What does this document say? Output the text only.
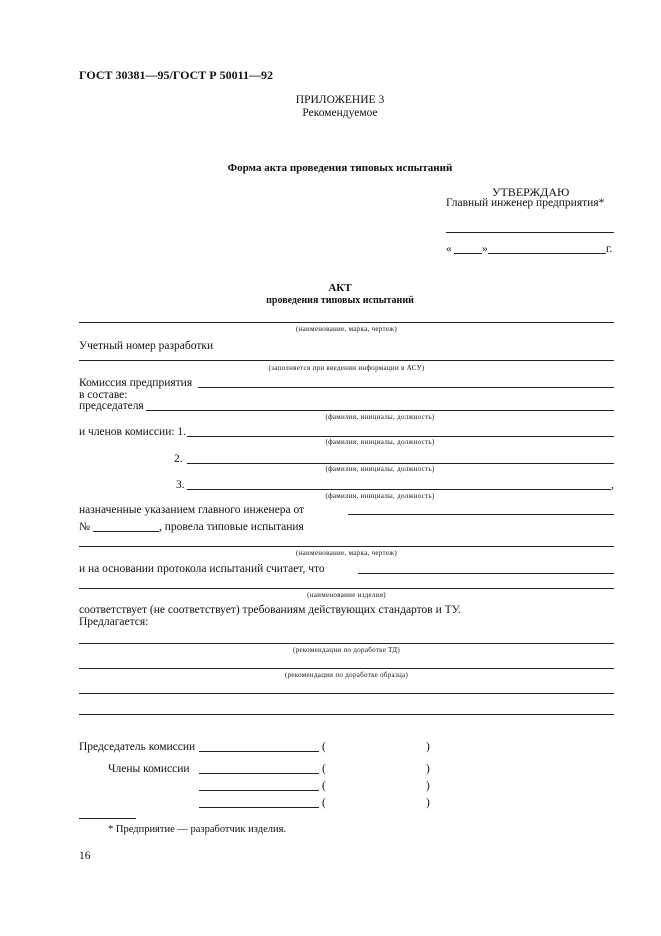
ГОСТ 30381—95/ГОСТ Р 50011—92
ПРИЛОЖЕНИЕ 3
Рекомендуемое
Форма акта проведения типовых испытаний
УТВЕРЖДАЮ
Главный инженер предприятия*
«	»	г.
АКТ
проведения типовых испытаний
(наименование, марка, чертеж)
Учетный номер разработки
(заполняется при введении информации в АСУ)
Комиссия предприятия
в составе:
председателя
(фамилия, инициалы, должность)
и членов комиссии: 1.
(фамилия, инициалы, должность)
2.
(фамилия, инициалы, должность)
3.	,
(фамилия, инициалы, должность)
назначенные указанием главного инженера от
№	, провела типовые испытания
(наименование, марка, чертеж)
и на основании протокола испытаний считает, что
(наименование изделия)
соответствует (не соответствует) требованиям действующих стандартов и ТУ.
Предлагается:
(рекомендации по доработке ТД)
(рекомендации по доработке образца)
Председатель комиссии	(	)
Члены комиссии	(	)
(	)
(	)
* Предприятие — разработчик изделия.
16
